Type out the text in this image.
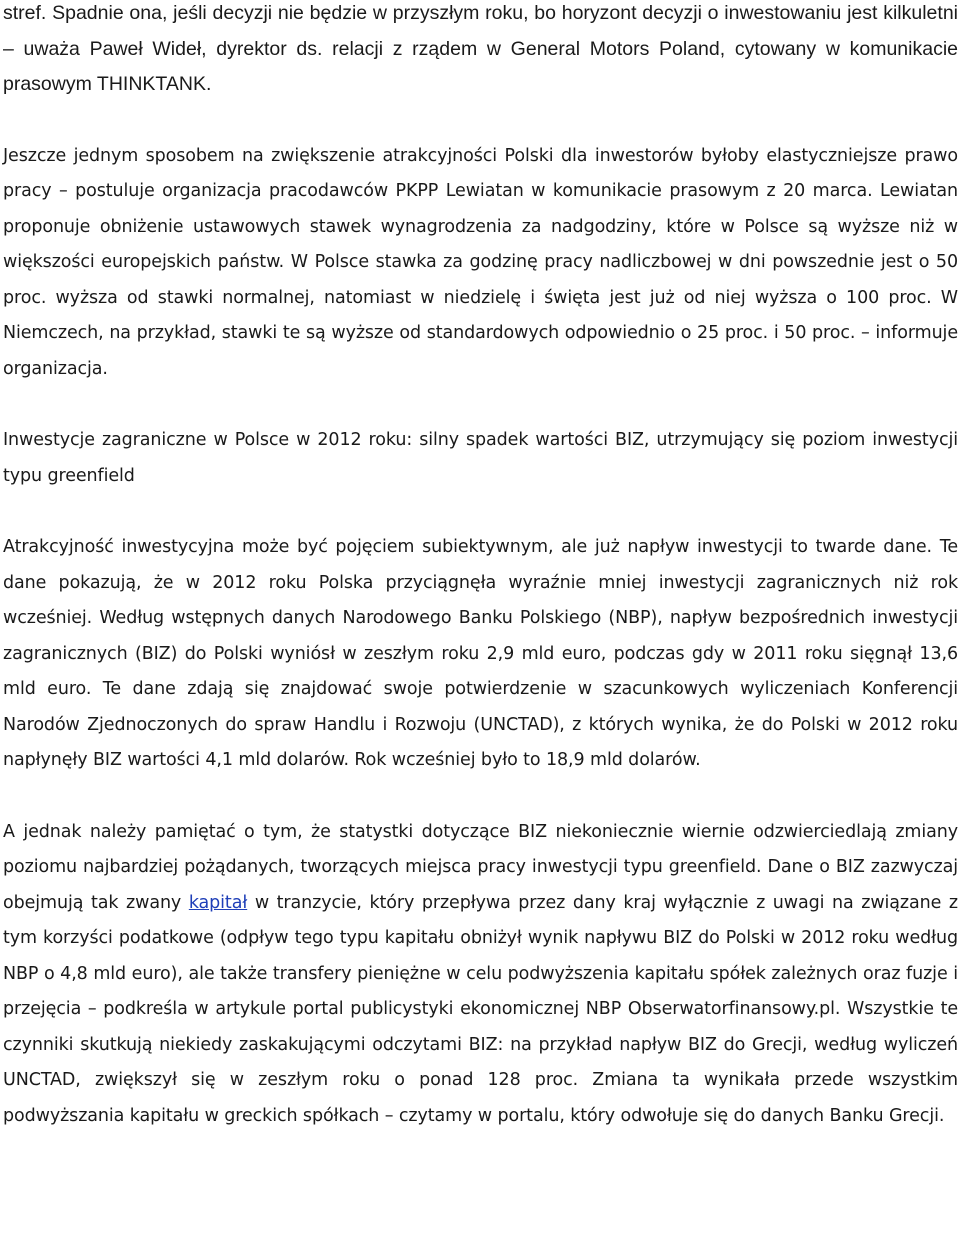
stref. Spadnie ona, jeśli decyzji nie będzie w przyszłym roku, bo horyzont decyzji o inwestowaniu jest kilkuletni – uważa Paweł Wideł, dyrektor ds. relacji z rządem w General Motors Poland, cytowany w komunikacie prasowym THINKTANK.

Jeszcze jednym sposobem na zwiększenie atrakcyjności Polski dla inwestorów byłoby elastyczniejsze prawo pracy – postuluje organizacja pracodawców PKPP Lewiatan w komunikacie prasowym z 20 marca. Lewiatan proponuje obniżenie ustawowych stawek wynagrodzenia za nadgodziny, które w Polsce są wyższe niż w większości europejskich państw. W Polsce stawka za godzinę pracy nadliczbowej w dni powszednie jest o 50 proc. wyższa od stawki normalnej, natomiast w niedzielę i święta jest już od niej wyższa o 100 proc. W Niemczech, na przykład, stawki te są wyższe od standardowych odpowiednio o 25 proc. i 50 proc. – informuje organizacja.

Inwestycje zagraniczne w Polsce w 2012 roku: silny spadek wartości BIZ, utrzymujący się poziom inwestycji typu greenfield

Atrakcyjność inwestycyjna może być pojęciem subiektywnym, ale już napływ inwestycji to twarde dane. Te dane pokazują, że w 2012 roku Polska przyciągnęła wyraźnie mniej inwestycji zagranicznych niż rok wcześniej. Według wstępnych danych Narodowego Banku Polskiego (NBP), napływ bezpośrednich inwestycji zagranicznych (BIZ) do Polski wyniósł w zeszłym roku 2,9 mld euro, podczas gdy w 2011 roku sięgnął 13,6 mld euro. Te dane zdają się znajdować swoje potwierdzenie w szacunkowych wyliczeniach Konferencji Narodów Zjednoczonych do spraw Handlu i Rozwoju (UNCTAD), z których wynika, że do Polski w 2012 roku napłynęły BIZ wartości 4,1 mld dolarów. Rok wcześniej było to 18,9 mld dolarów.

A jednak należy pamiętać o tym, że statystki dotyczące BIZ niekoniecznie wiernie odzwierciedlają zmiany poziomu najbardziej pożądanych, tworzących miejsca pracy inwestycji typu greenfield. Dane o BIZ zazwyczaj obejmują tak zwany kapitał w tranzycie, który przepływa przez dany kraj wyłącznie z uwagi na związane z tym korzyści podatkowe (odpływ tego typu kapitału obniżył wynik napływu BIZ do Polski w 2012 roku według NBP o 4,8 mld euro), ale także transfery pieniężne w celu podwyższenia kapitału spółek zależnych oraz fuzje i przejęcia – podkreśla w artykule portal publicystyki ekonomicznej NBP Obserwatorfinansowy.pl. Wszystkie te czynniki skutkują niekiedy zaskakującymi odczytami BIZ: na przykład napływ BIZ do Grecji, według wyliczeń UNCTAD, zwiększył się w zeszłym roku o ponad 128 proc. Zmiana ta wynikała przede wszystkim podwyższania kapitału w greckich spółkach – czytamy w portalu, który odwołuje się do danych Banku Grecji.
